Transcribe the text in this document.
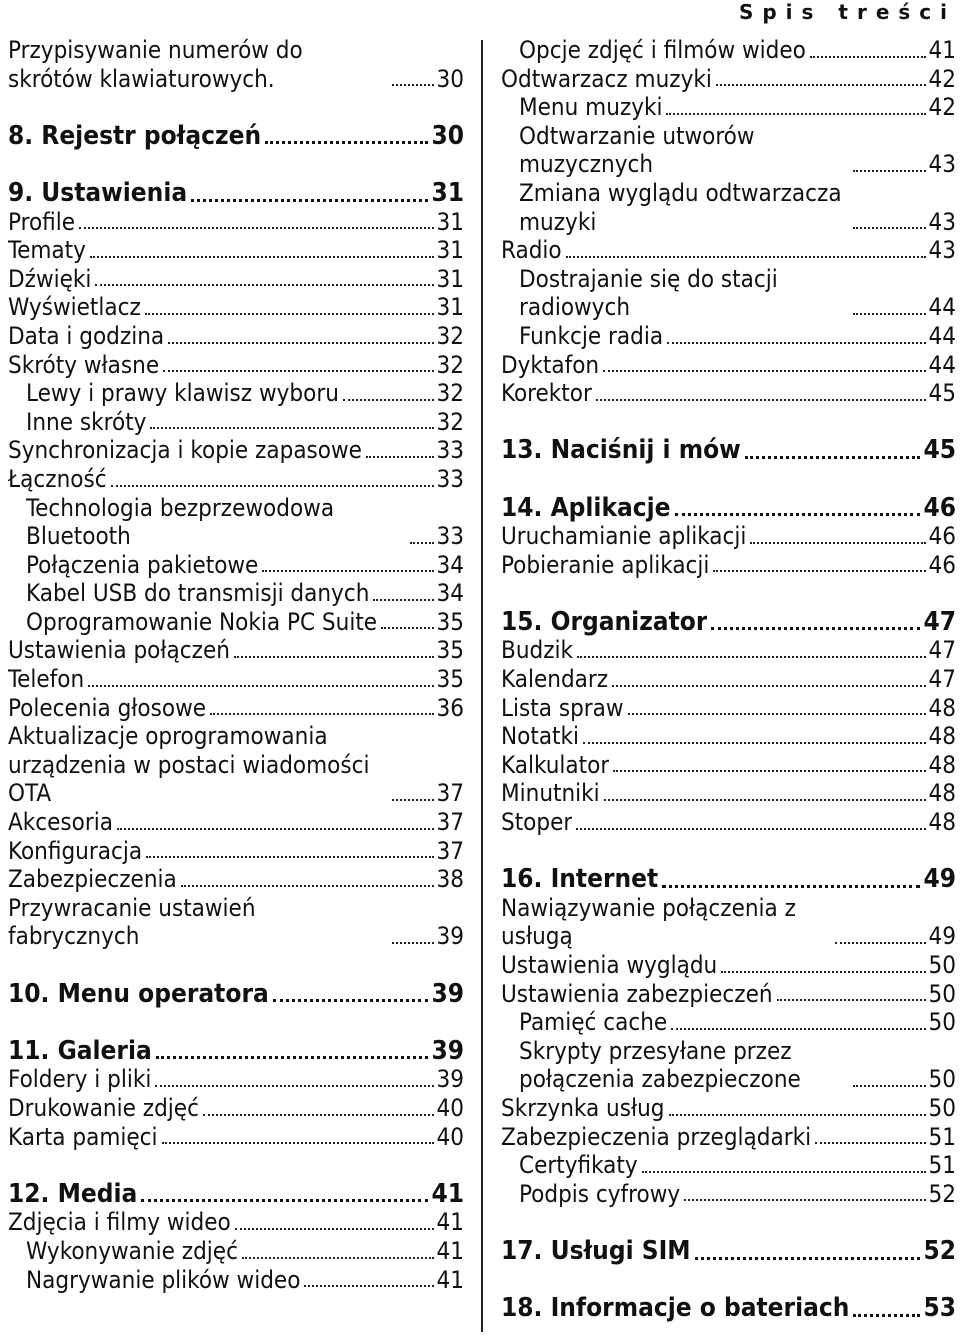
Spis treści
Przypisywanie numerów do skrótów klawiaturowych.	30
8. Rejestr połączeń	30
9. Ustawienia	31
Profile	31
Tematy	31
Dźwięki	31
Wyświetlacz	31
Data i godzina	32
Skróty własne	32
Lewy i prawy klawisz wyboru	32
Inne skróty	32
Synchronizacja i kopie zapasowe	33
Łączność	33
Technologia bezprzewodowa Bluetooth	33
Połączenia pakietowe	34
Kabel USB do transmisji danych	34
Oprogramowanie Nokia PC Suite 35
Ustawienia połączeń	35
Telefon	35
Polecenia głosowe	36
Aktualizacje oprogramowania urządzenia w postaci wiadomości OTA	37
Akcesoria	37
Konfiguracja	37
Zabezpieczenia	38
Przywracanie ustawień fabrycznych	39
10. Menu operatora	39
11. Galeria	39
Foldery i pliki	39
Drukowanie zdjęć	40
Karta pamięci	40
12. Media	41
Zdjęcia i filmy wideo	41
Wykonywanie zdjęć	41
Nagrywanie plików wideo	41
Opcje zdjęć i filmów wideo	41
Odtwarzacz muzyki	42
Menu muzyki	42
Odtwarzanie utworów muzycznych	43
Zmiana wyglądu odtwarzacza muzyki	43
Radio	43
Dostrajanie się do stacji radiowych	44
Funkcje radia	44
Dyktafon	44
Korektor	45
13. Naciśnij i mów	45
14. Aplikacje	46
Uruchamianie aplikacji	46
Pobieranie aplikacji	46
15. Organizator	47
Budzik	47
Kalendarz	47
Lista spraw	48
Notatki	48
Kalkulator	48
Minutniki	48
Stoper	48
16. Internet	49
Nawiązywanie połączenia z usługą	49
Ustawienia wyglądu	50
Ustawienia zabezpieczeń	50
Pamięć cache	50
Skrypty przesyłane przez połączenia zabezpieczone	50
Skrzynka usług	50
Zabezpieczenia przeglądarki	51
Certyfikaty	51
Podpis cyfrowy	52
17. Usługi SIM	52
18. Informacje o bateriach	53
